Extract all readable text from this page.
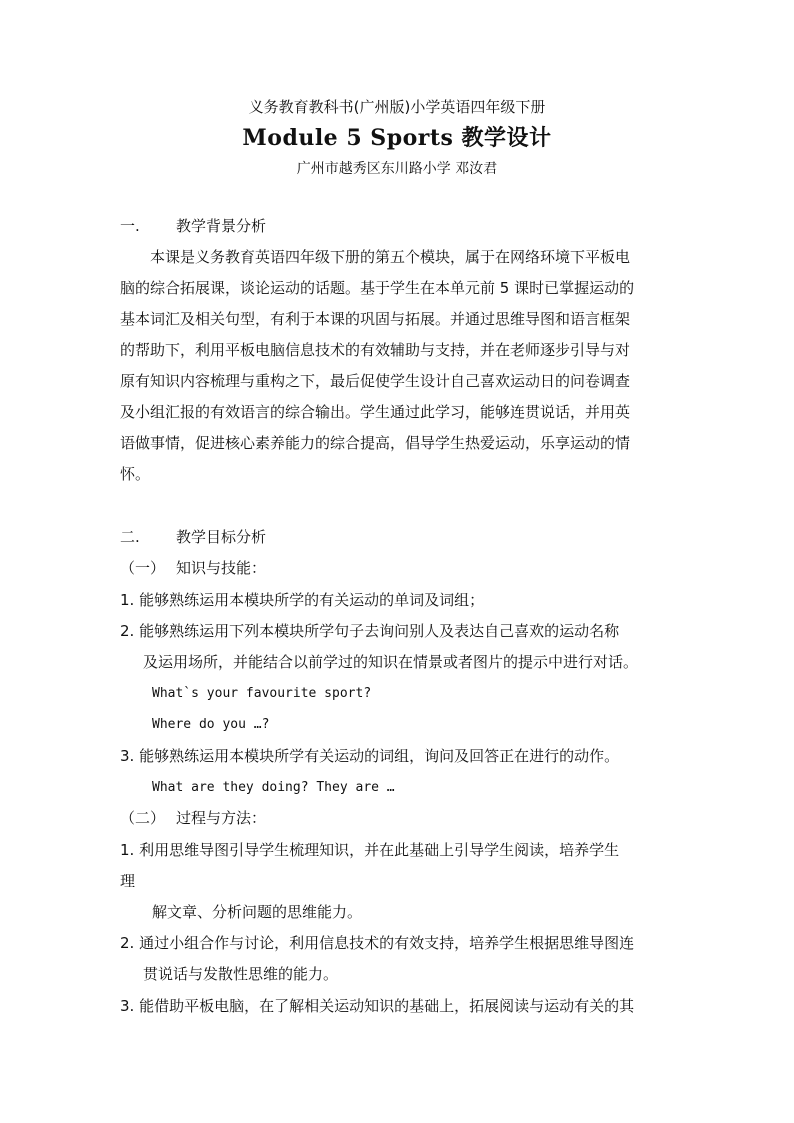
义务教育教科书(广州版)小学英语四年级下册
Module 5 Sports 教学设计
广州市越秀区东川路小学 邓汝君
一. 教学背景分析
本课是义务教育英语四年级下册的第五个模块，属于在网络环境下平板电
脑的综合拓展课，谈论运动的话题。基于学生在本单元前 5 课时已掌握运动的
基本词汇及相关句型，有利于本课的巩固与拓展。并通过思维导图和语言框架
的帮助下，利用平板电脑信息技术的有效辅助与支持，并在老师逐步引导与对
原有知识内容梳理与重构之下，最后促使学生设计自己喜欢运动日的问卷调查
及小组汇报的有效语言的综合输出。学生通过此学习，能够连贯说话，并用英
语做事情，促进核心素养能力的综合提高，倡导学生热爱运动，乐享运动的情
怀。
二. 教学目标分析
（一） 知识与技能：
1. 能够熟练运用本模块所学的有关运动的单词及词组；
2. 能够熟练运用下列本模块所学句子去询问别人及表达自己喜欢的运动名称
及运用场所，并能结合以前学过的知识在情景或者图片的提示中进行对话。
What`s your favourite sport?
Where do you …?
3. 能够熟练运用本模块所学有关运动的词组，询问及回答正在进行的动作。
What are they doing? They are …
（二） 过程与方法：
1. 利用思维导图引导学生梳理知识，并在此基础上引导学生阅读，培养学生
理
解文章、分析问题的思维能力。
2. 通过小组合作与讨论，利用信息技术的有效支持，培养学生根据思维导图连
贯说话与发散性思维的能力。
3. 能借助平板电脑，在了解相关运动知识的基础上，拓展阅读与运动有关的其
